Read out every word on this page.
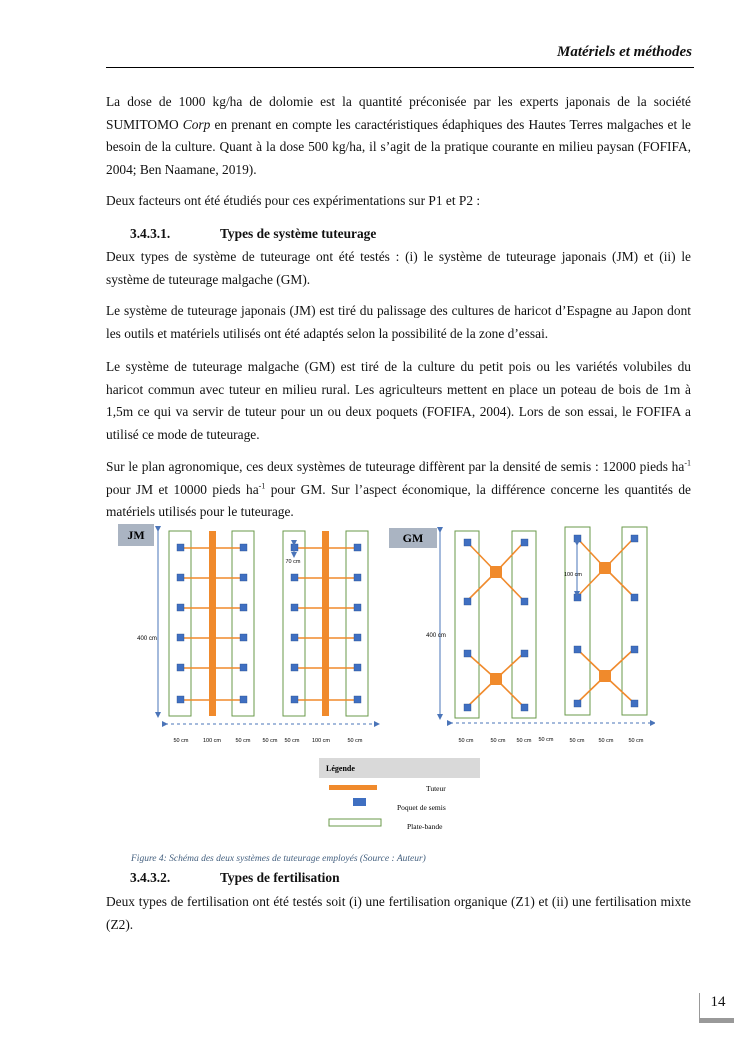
Matériels et méthodes

La dose de 1000 kg/ha de dolomie est la quantité préconisée par les experts japonais de la société SUMITOMO Corp en prenant en compte les caractéristiques édaphiques des Hautes Terres malgaches et le besoin de la culture. Quant à la dose 500 kg/ha, il s’agit de la pratique courante en milieu paysan (FOFIFA, 2004; Ben Naamane, 2019).

Deux facteurs ont été étudiés pour ces expérimentations sur P1 et P2 :

3.4.3.1.	Types de système tuteurage

Deux types de système de tuteurage ont été testés : (i) le système de tuteurage japonais (JM) et (ii) le système de tuteurage malgache (GM).

Le système de tuteurage japonais (JM) est tiré du palissage des cultures de haricot d’Espagne au Japon dont les outils et matériels utilisés ont été adaptés selon la possibilité de la zone d’essai.

Le système de tuteurage malgache (GM) est tiré de la culture du petit pois ou les variétés volubiles du haricot commun avec tuteur en milieu rural. Les agriculteurs mettent en place un poteau de bois de 1m à 1,5m ce qui va servir de tuteur pour un ou deux poquets (FOFIFA, 2004). Lors de son essai, le FOFIFA a utilisé ce mode de tuteurage.

Sur le plan agronomique, ces deux systèmes de tuteurage diffèrent par la densité de semis : 12000 pieds $ha^{-1}$ pour JM et 10000 pieds $ha^{-1}$ pour GM. Sur l’aspect économique, la différence concerne les quantités de matériels utilisés pour le tuteurage.

JM
400 cm
70 cm
50 cm	100 cm	50 cm 50 cm 50 cm 100 cm	50 cm
GM
400 cm
100 cm
50 cm	50 cm 50 cm 50 cm	50 cm	50 cm	50 cm
Légende
Tuteur
Poquet de semis
Plate-bande
Figure 4: Schéma des deux systèmes de tuteurage employés (Source : Auteur)
3.4.3.2.	Types de fertilisation

Deux types de fertilisation ont été testés soit (i) une fertilisation organique (Z1) et (ii) une fertilisation mixte (Z2).

14
